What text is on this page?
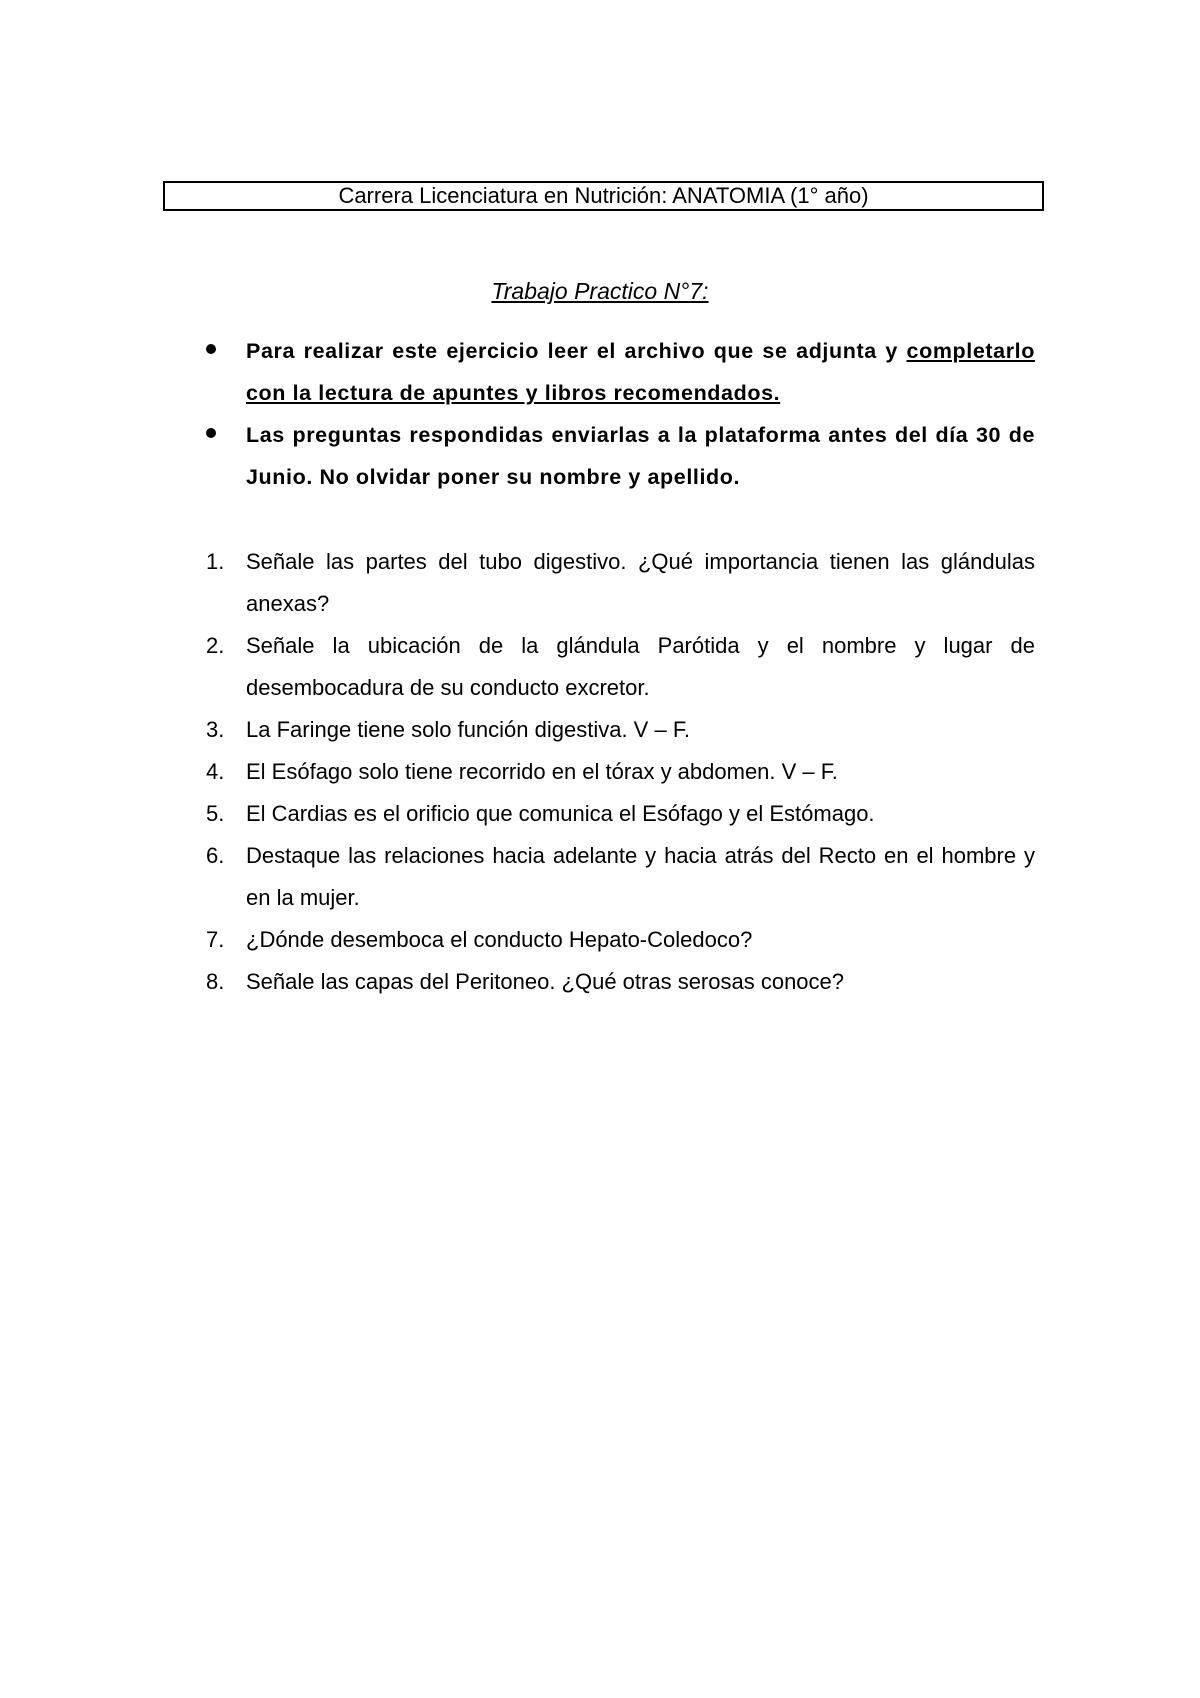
Carrera Licenciatura en Nutrición: ANATOMIA (1° año)
Trabajo Practico N°7:
Para realizar este ejercicio leer el archivo que se adjunta y completarlo con la lectura de apuntes y libros recomendados.
Las preguntas respondidas enviarlas a la plataforma antes del día 30 de Junio. No olvidar poner su nombre y apellido.
1. Señale las partes del tubo digestivo. ¿Qué importancia tienen las glándulas anexas?
2. Señale la ubicación de la glándula Parótida y el nombre y lugar de desembocadura de su conducto excretor.
3. La Faringe tiene solo función digestiva. V – F.
4. El Esófago solo tiene recorrido en el tórax y abdomen. V – F.
5. El Cardias es el orificio que comunica el Esófago y el Estómago.
6. Destaque las relaciones hacia adelante y hacia atrás del Recto en el hombre y en la mujer.
7. ¿Dónde desemboca el conducto Hepato-Coledoco?
8. Señale las capas del Peritoneo. ¿Qué otras serosas conoce?
